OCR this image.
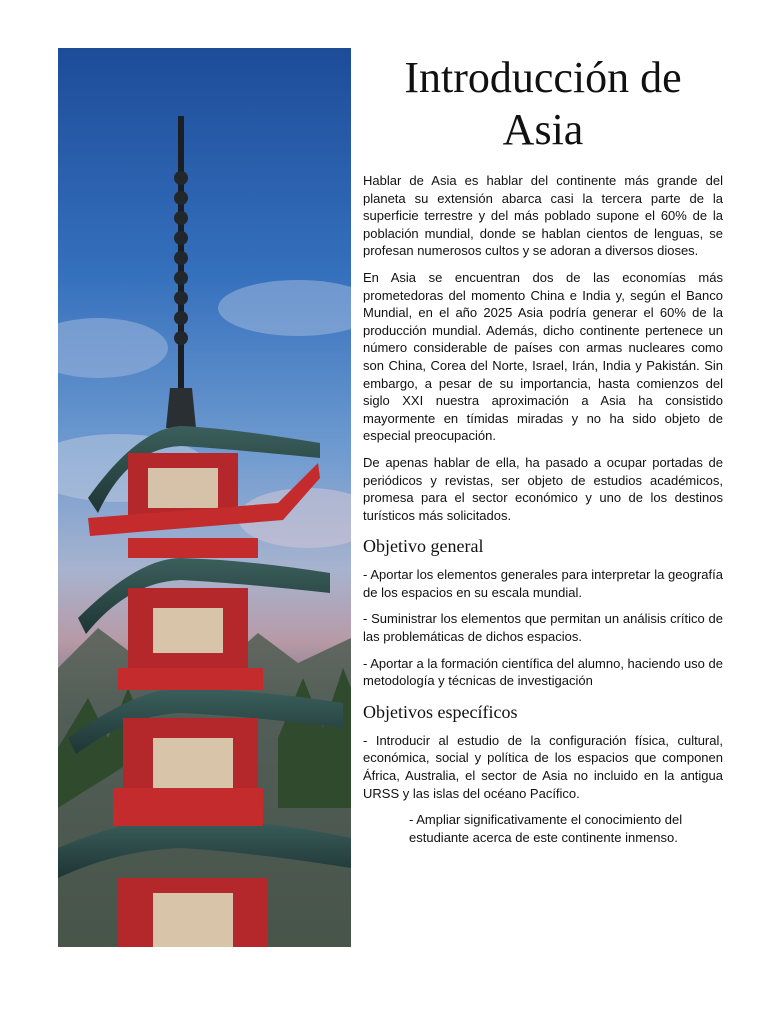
Introducción de Asia

Hablar de Asia es hablar del continente más grande del planeta su extensión abarca casi la tercera parte de la superficie terrestre y del más poblado supone el 60% de la población mundial, donde se hablan cientos de lenguas, se profesan numerosos cultos y se adoran a diversos dioses.

En Asia se encuentran dos de las economías más prometedoras del momento China e India y, según el Banco Mundial, en el año 2025 Asia podría generar el 60% de la producción mundial. Además, dicho continente pertenece un número considerable de países con armas nucleares como son China, Corea del Norte, Israel, Irán, India y Pakistán. Sin embargo, a pesar de su importancia, hasta comienzos del siglo XXI nuestra aproximación a Asia ha consistido mayormente en tímidas miradas y no ha sido objeto de especial preocupación.

De apenas hablar de ella, ha pasado a ocupar portadas de periódicos y revistas, ser objeto de estudios académicos, promesa para el sector económico y uno de los destinos turísticos más solicitados.

Objetivo general

- Aportar los elementos generales para interpretar la geografía de los espacios en su escala mundial.

- Suministrar los elementos que permitan un análisis crítico de las problemáticas de dichos espacios.

- Aportar a la formación científica del alumno, haciendo uso de metodología y técnicas de investigación

Objetivos específicos

- Introducir al estudio de la configuración física, cultural, económica, social y política de los espacios que componen África, Australia, el sector de Asia no incluido en la antigua URSS y las islas del océano Pacífico.

- Ampliar significativamente el conocimiento del estudiante acerca de este continente inmenso.
